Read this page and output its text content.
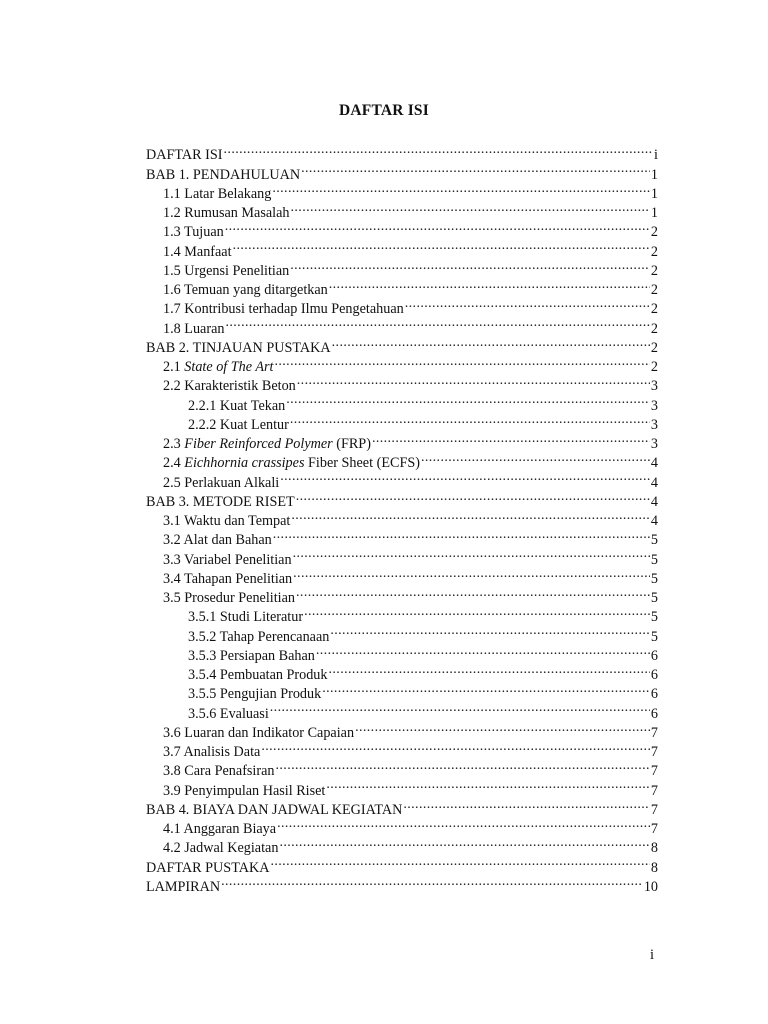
DAFTAR ISI
DAFTAR ISI .....	i
BAB 1. PENDAHULUAN .....	1
1.1 Latar Belakang .....	1
1.2 Rumusan Masalah .....	1
1.3 Tujuan .....	2
1.4 Manfaat .....	2
1.5 Urgensi Penelitian .....	2
1.6 Temuan yang ditargetkan .....	2
1.7 Kontribusi terhadap Ilmu Pengetahuan .....	2
1.8 Luaran .....	2
BAB 2. TINJAUAN PUSTAKA .....	2
2.1 State of The Art .....	2
2.2 Karakteristik Beton .....	3
2.2.1 Kuat Tekan .....	3
2.2.2 Kuat Lentur .....	3
2.3 Fiber Reinforced Polymer (FRP) .....	3
2.4 Eichhornia crassipes Fiber Sheet (ECFS) .....	4
2.5 Perlakuan Alkali .....	4
BAB 3. METODE RISET .....	4
3.1 Waktu dan Tempat .....	4
3.2 Alat dan Bahan .....	5
3.3 Variabel Penelitian .....	5
3.4 Tahapan Penelitian .....	5
3.5 Prosedur Penelitian .....	5
3.5.1 Studi Literatur .....	5
3.5.2 Tahap Perencanaan .....	5
3.5.3 Persiapan Bahan .....	6
3.5.4 Pembuatan Produk .....	6
3.5.5 Pengujian Produk .....	6
3.5.6 Evaluasi .....	6
3.6 Luaran dan Indikator Capaian .....	7
3.7 Analisis Data .....	7
3.8 Cara Penafsiran .....	7
3.9 Penyimpulan Hasil Riset .....	7
BAB 4. BIAYA DAN JADWAL KEGIATAN .....	7
4.1 Anggaran Biaya .....	7
4.2 Jadwal Kegiatan .....	8
DAFTAR PUSTAKA .....	8
LAMPIRAN .....	10
i
